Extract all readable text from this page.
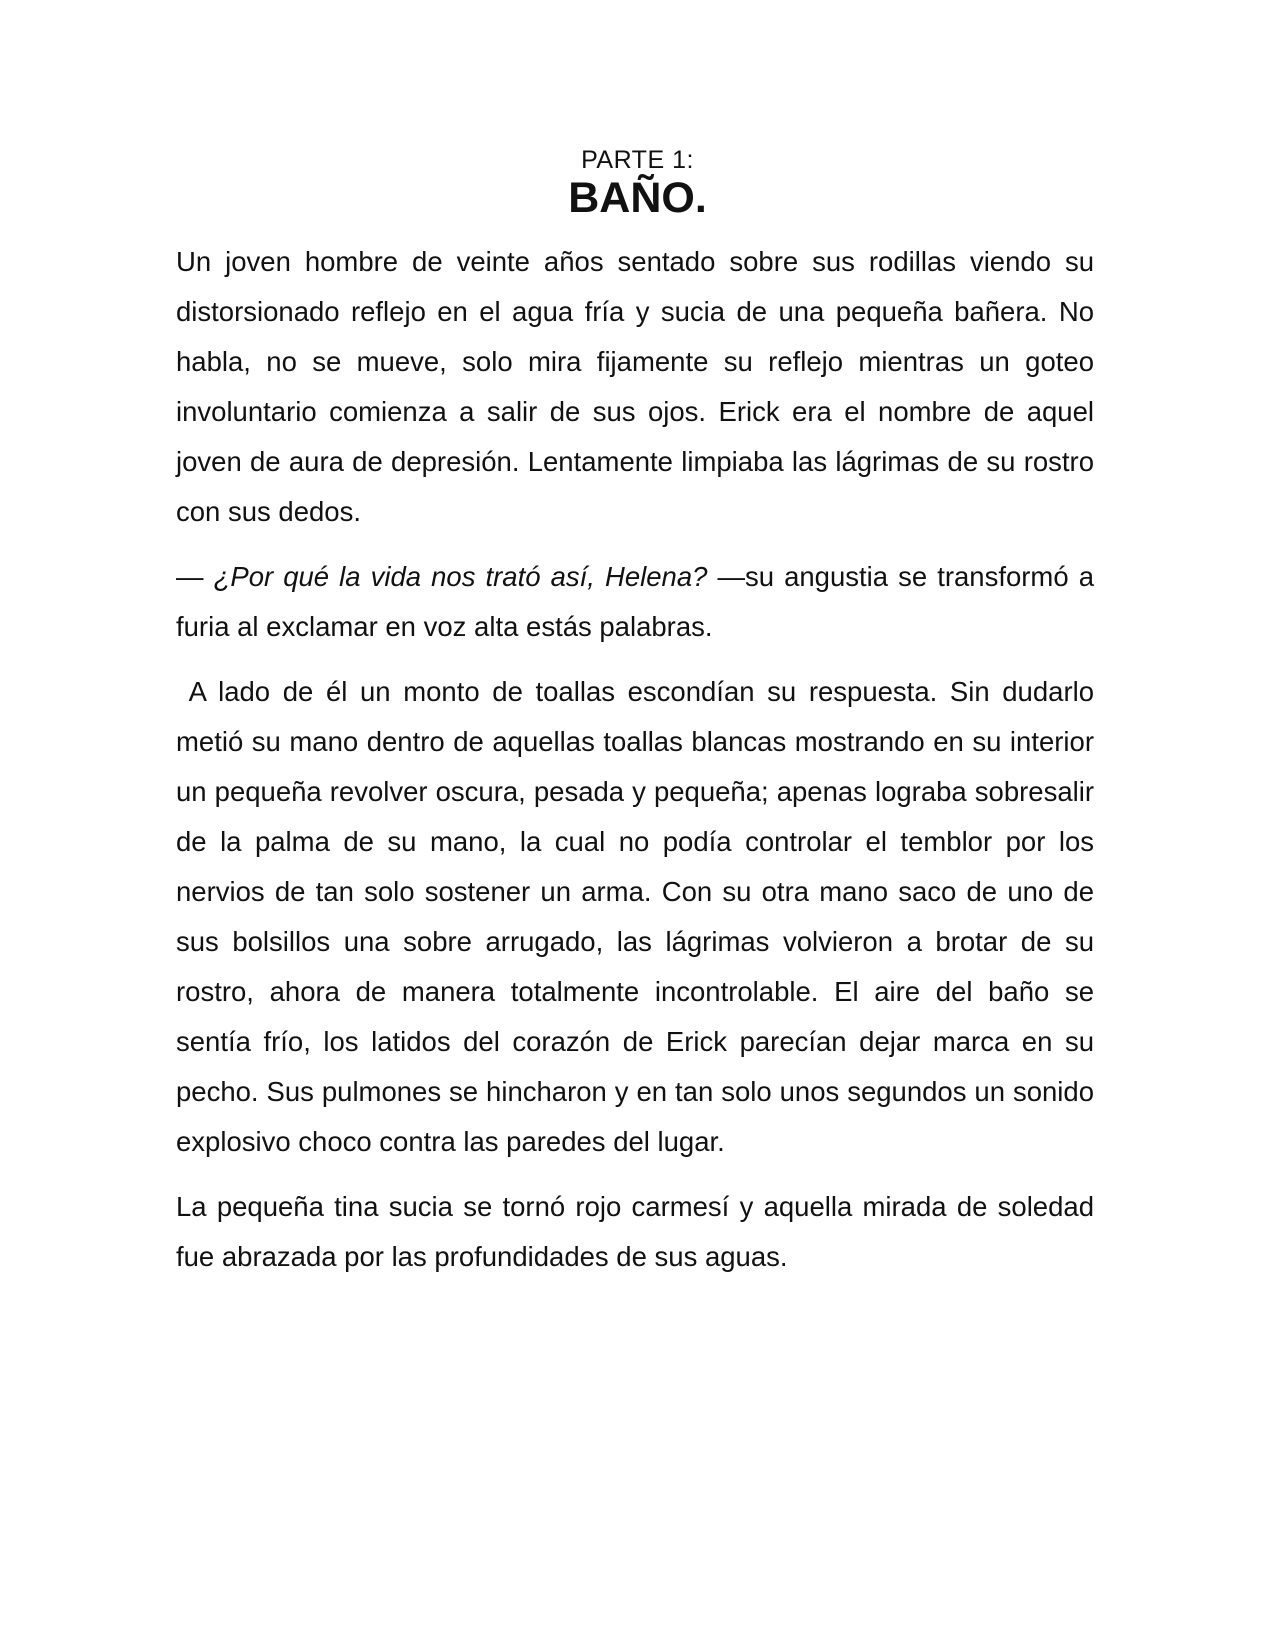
PARTE 1:
BAÑO.

Un joven hombre de veinte años sentado sobre sus rodillas viendo su distorsionado reflejo en el agua fría y sucia de una pequeña bañera. No habla, no se mueve, solo mira fijamente su reflejo mientras un goteo involuntario comienza a salir de sus ojos. Erick era el nombre de aquel joven de aura de depresión. Lentamente limpiaba las lágrimas de su rostro con sus dedos.

— ¿Por qué la vida nos trató así, Helena? —su angustia se transformó a furia al exclamar en voz alta estás palabras.

A lado de él un monto de toallas escondían su respuesta. Sin dudarlo metió su mano dentro de aquellas toallas blancas mostrando en su interior un pequeña revolver oscura, pesada y pequeña; apenas lograba sobresalir de la palma de su mano, la cual no podía controlar el temblor por los nervios de tan solo sostener un arma. Con su otra mano saco de uno de sus bolsillos una sobre arrugado, las lágrimas volvieron a brotar de su rostro, ahora de manera totalmente incontrolable. El aire del baño se sentía frío, los latidos del corazón de Erick parecían dejar marca en su pecho. Sus pulmones se hincharon y en tan solo unos segundos un sonido explosivo choco contra las paredes del lugar.

La pequeña tina sucia se tornó rojo carmesí y aquella mirada de soledad fue abrazada por las profundidades de sus aguas.
